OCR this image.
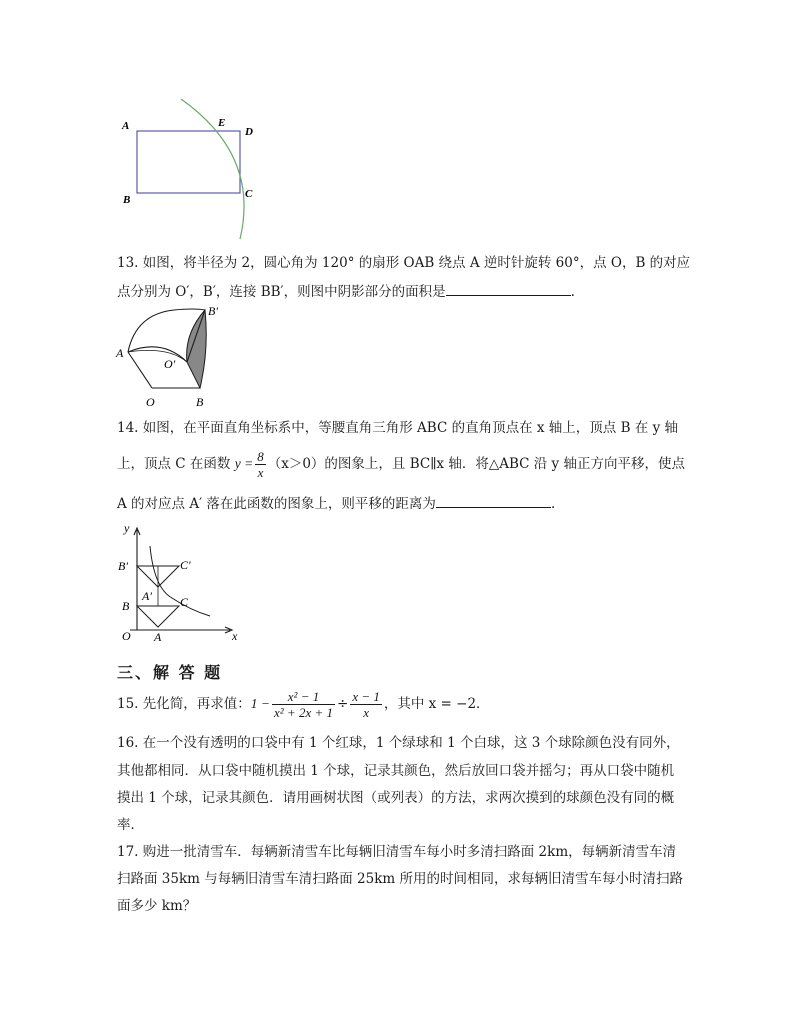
A	E
D
B	C
13. 如图，将半径为 2，圆心角为 120° 的扇形 OAB 绕点 A 逆时针旋转 60°，点 O，B 的对应
点分别为 O′，B′，连接 BB′，则图中阴影部分的面积是	.
B′
A
O′
O	B
14. 如图，在平面直角坐标系中，等腰直角三角形 ABC 的直角顶点在 x 轴上，顶点 B 在 y 轴
上，顶点 C 在函数 $y = \frac{8}{x} (x>0)$的图象上，且 BC∥x 轴．将△ABC 沿 y 轴正方向平移，使点
A 的对应点 A′ 落在此函数的图象上，则平移的距离为	.
y
x
O A
B	C
A′
B′	C′
三、解 答 题
15. 先化简，再求值：$1 - \frac{\text{x² − 1}}{\text{x² + 2x + 1}} \div \frac{x - 1}{x}$ ，其中 x = −2．
16. 在一个没有透明的口袋中有 1 个红球，1 个绿球和 1 个白球，这 3 个球除颜色没有同外，
其他都相同．从口袋中随机摸出 1 个球，记录其颜色，然后放回口袋并摇匀；再从口袋中随机
摸出 1 个球，记录其颜色．请用画树状图（或列表）的方法，求两次摸到的球颜色没有同的概
率．
17. 购进一批清雪车．每辆新清雪车比每辆旧清雪车每小时多清扫路面 2km，每辆新清雪车清
扫路面 35km 与每辆旧清雪车清扫路面 25km 所用的时间相同，求每辆旧清雪车每小时清扫路
面多少 km？
